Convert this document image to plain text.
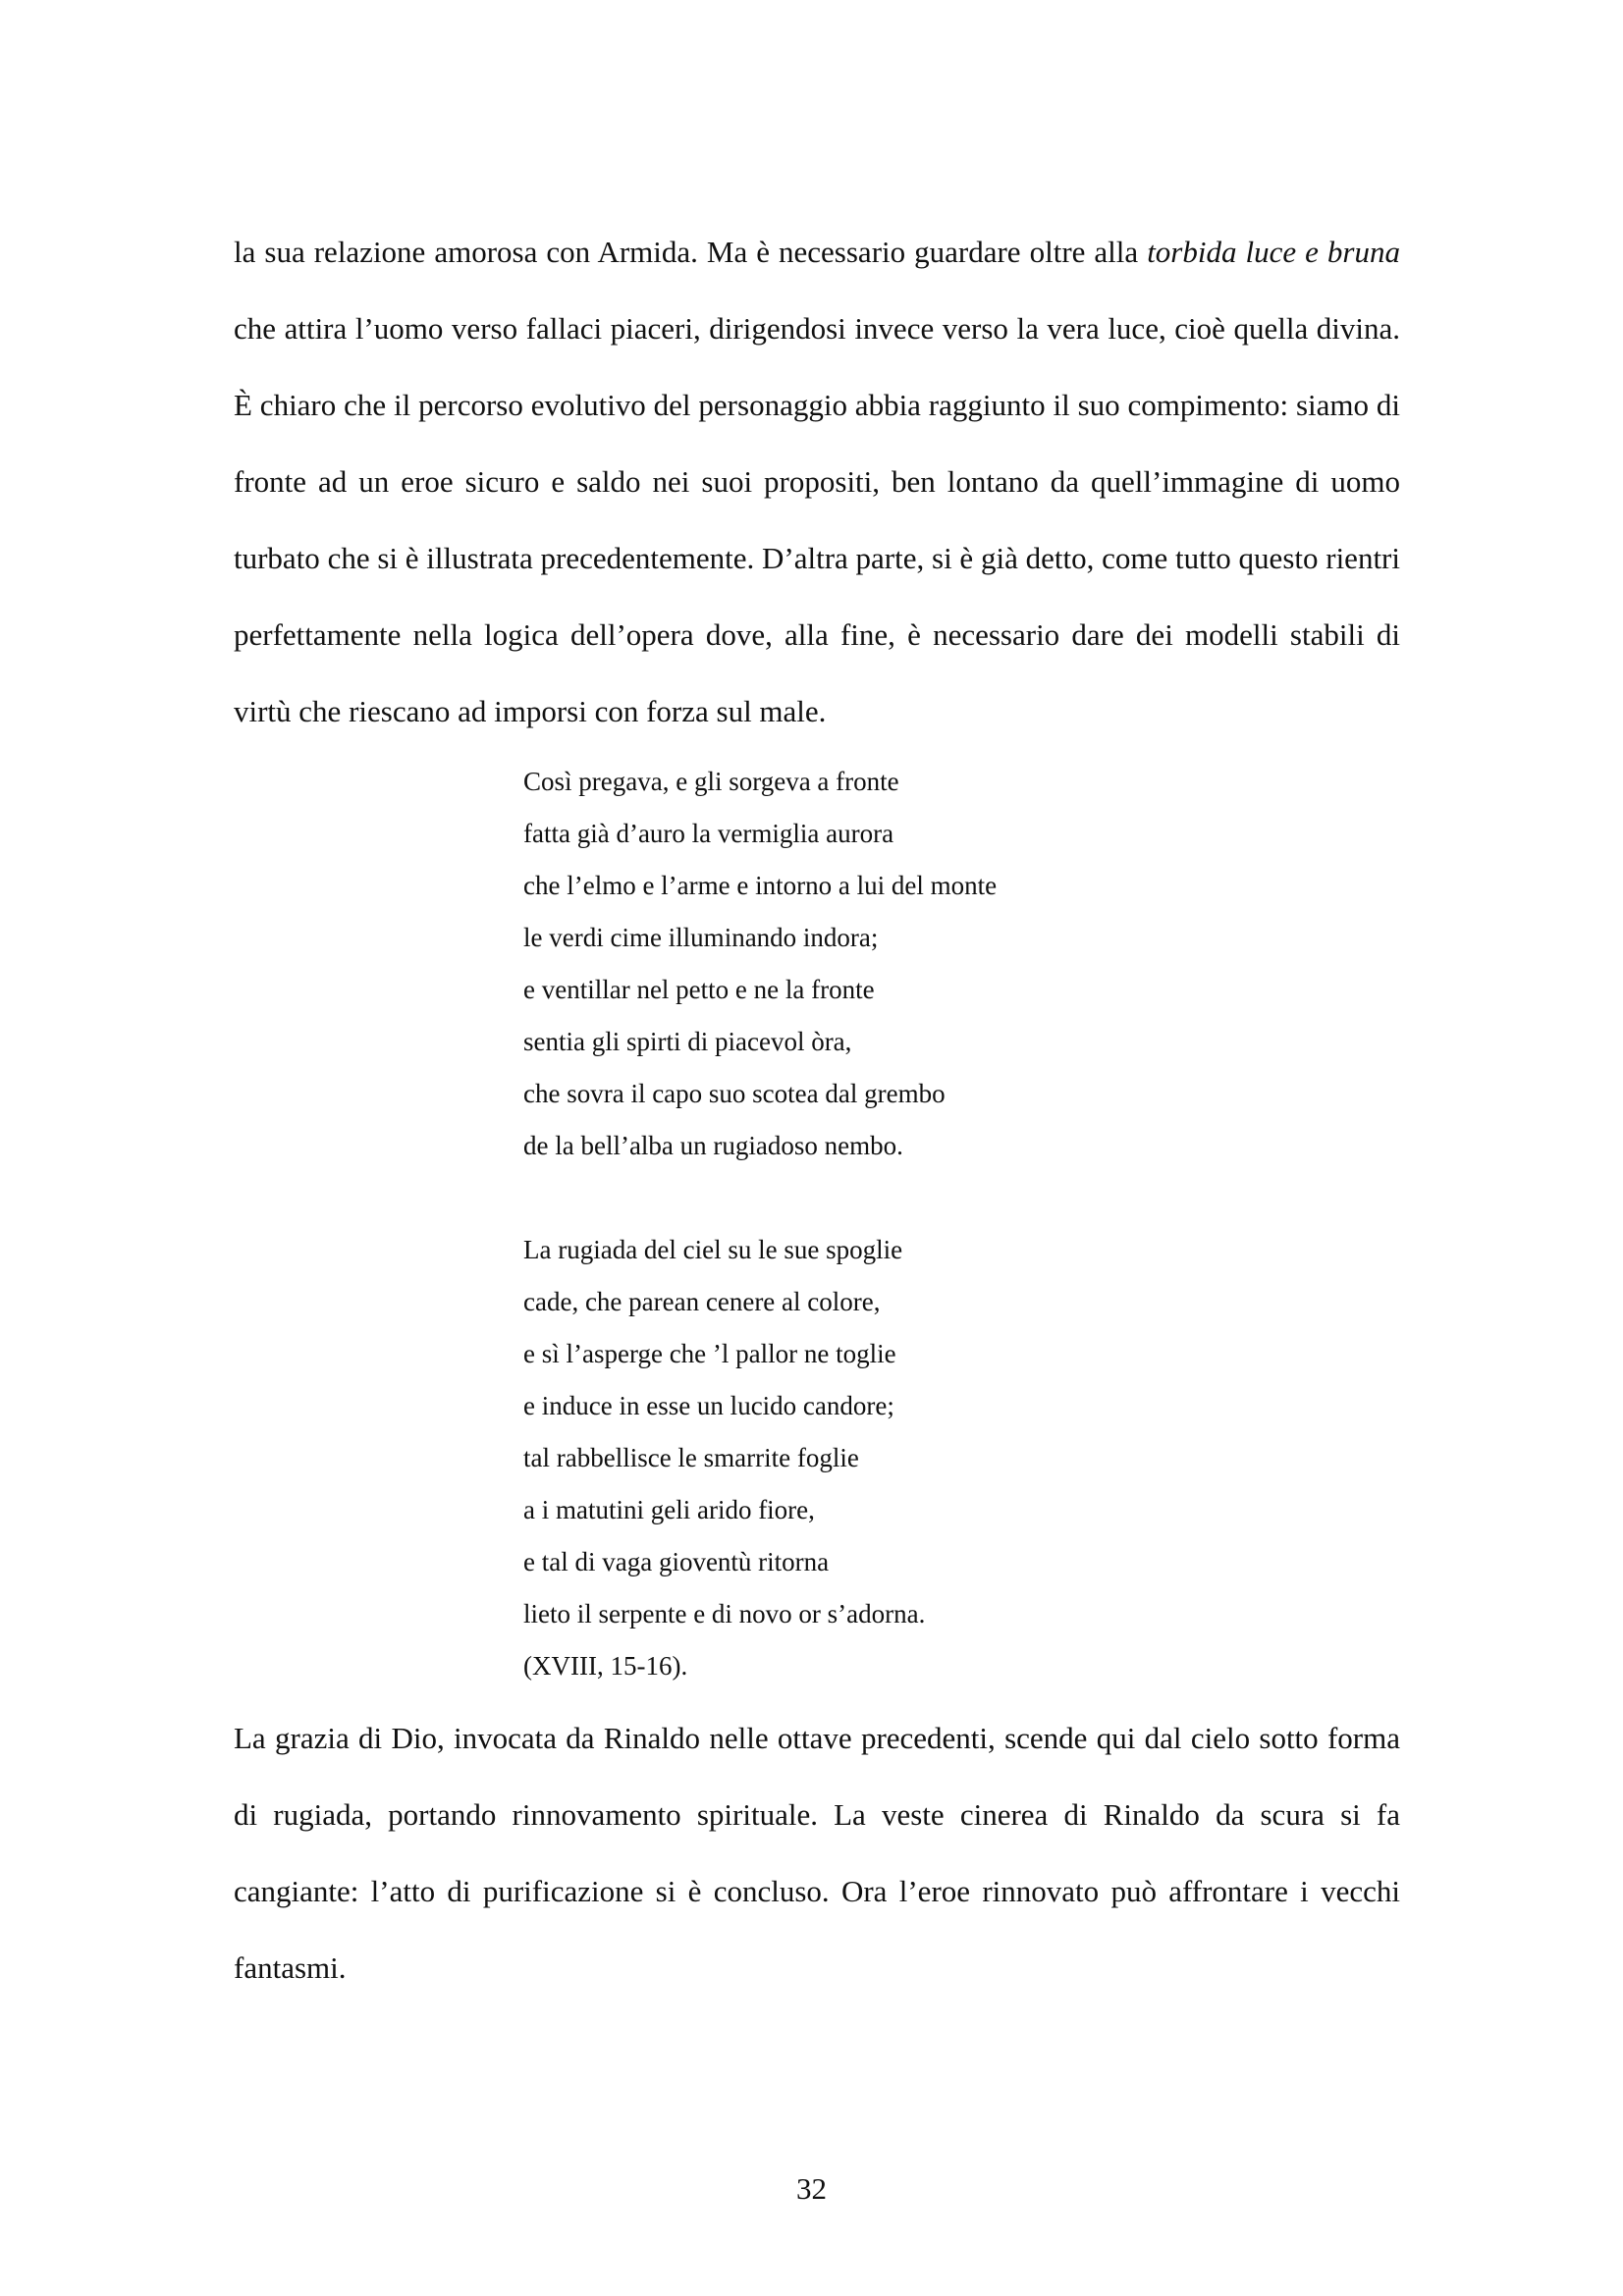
la sua relazione amorosa con Armida. Ma è necessario guardare oltre alla torbida luce e bruna che attira l’uomo verso fallaci piaceri, dirigendosi invece verso la vera luce, cioè quella divina. È chiaro che il percorso evolutivo del personaggio abbia raggiunto il suo compimento: siamo di fronte ad un eroe sicuro e saldo nei suoi propositi, ben lontano da quell’immagine di uomo turbato che si è illustrata precedentemente. D’altra parte, si è già detto, come tutto questo rientri perfettamente nella logica dell’opera dove, alla fine, è necessario dare dei modelli stabili di virtù che riescano ad imporsi con forza sul male.

Così pregava, e gli sorgeva a fronte
fatta già d’auro la vermiglia aurora
che l’elmo e l’arme e intorno a lui del monte
le verdi cime illuminando indora;
e ventillar nel petto e ne la fronte
sentia gli spirti di piacevol òra,
che sovra il capo suo scotea dal grembo
de la bell’alba un rugiadoso nembo.
La rugiada del ciel su le sue spoglie
cade, che parean cenere al colore,
e sì l’asperge che ’l pallor ne toglie
e induce in esse un lucido candore;
tal rabbellisce le smarrite foglie
a i matutini geli arido fiore,
e tal di vaga gioventù ritorna
lieto il serpente e di novo or s’adorna.
(XVIII, 15-16).

La grazia di Dio, invocata da Rinaldo nelle ottave precedenti, scende qui dal cielo sotto forma di rugiada, portando rinnovamento spirituale. La veste cinerea di Rinaldo da scura si fa cangiante: l’atto di purificazione si è concluso. Ora l’eroe rinnovato può affrontare i vecchi fantasmi.

32
